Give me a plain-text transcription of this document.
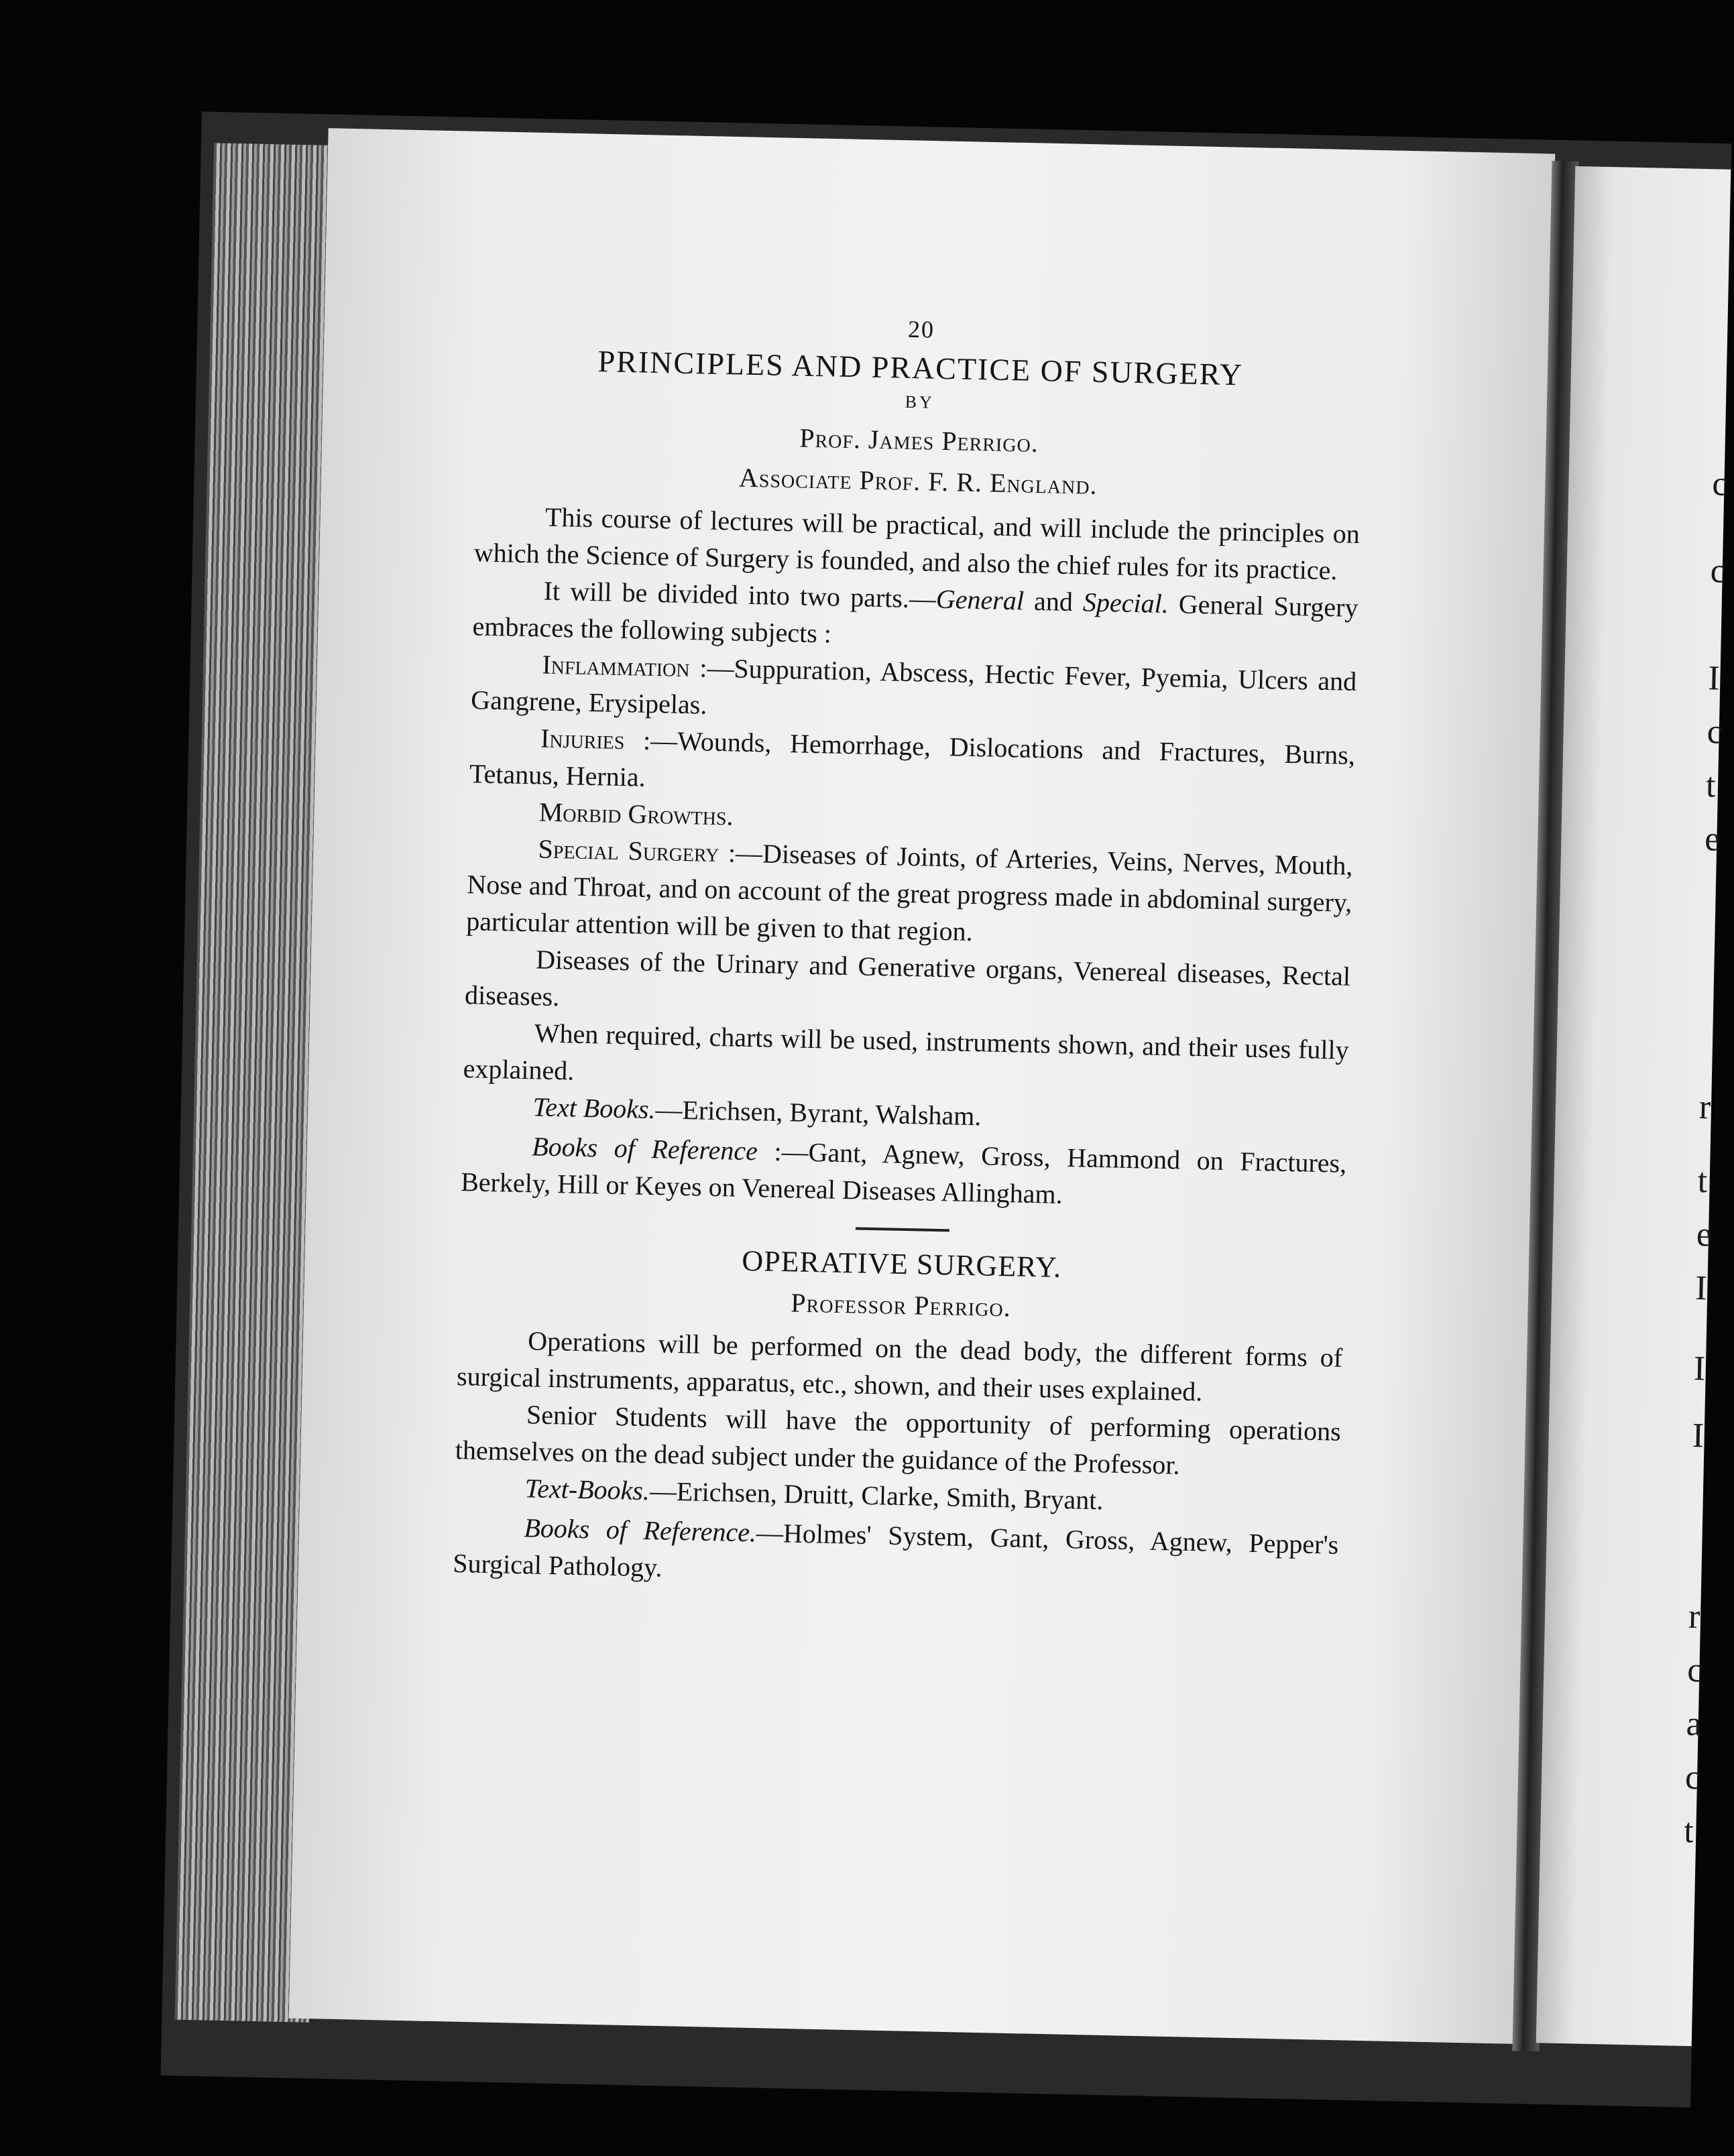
c
c
I
c
t
e
r
t
e
I
I
I
r
c
a
c
t
20
PRINCIPLES AND PRACTICE OF SURGERY
BY
Prof. James Perrigo.
Associate Prof. F. R. England.

This course of lectures will be practical, and will include the principles on which the Science of Surgery is founded, and also the chief rules for its practice.

It will be divided into two parts.—General and Special. General Surgery embraces the following subjects :

Inflammation :—Suppuration, Abscess, Hectic Fever, Pyemia, Ulcers and Gangrene, Erysipelas.

Injuries :—Wounds, Hemorrhage, Dislocations and Fractures, Burns, Tetanus, Hernia.

Morbid Growths.

Special Surgery :—Diseases of Joints, of Arteries, Veins, Nerves, Mouth, Nose and Throat, and on account of the great progress made in abdominal surgery, particular attention will be given to that region.

Diseases of the Urinary and Generative organs, Venereal diseases, Rectal diseases.

When required, charts will be used, instruments shown, and their uses fully explained.

Text Books.—Erichsen, Byrant, Walsham.

Books of Reference :—Gant, Agnew, Gross, Hammond on Fractures, Berkely, Hill or Keyes on Venereal Diseases Allingham.

OPERATIVE SURGERY.
Professor Perrigo.

Operations will be performed on the dead body, the different forms of surgical instruments, apparatus, etc., shown, and their uses explained.

Senior Students will have the opportunity of performing operations themselves on the dead subject under the guidance of the Professor.

Text-Books.—Erichsen, Druitt, Clarke, Smith, Bryant.

Books of Reference.—Holmes' System, Gant, Gross, Agnew, Pepper's Surgical Pathology.
